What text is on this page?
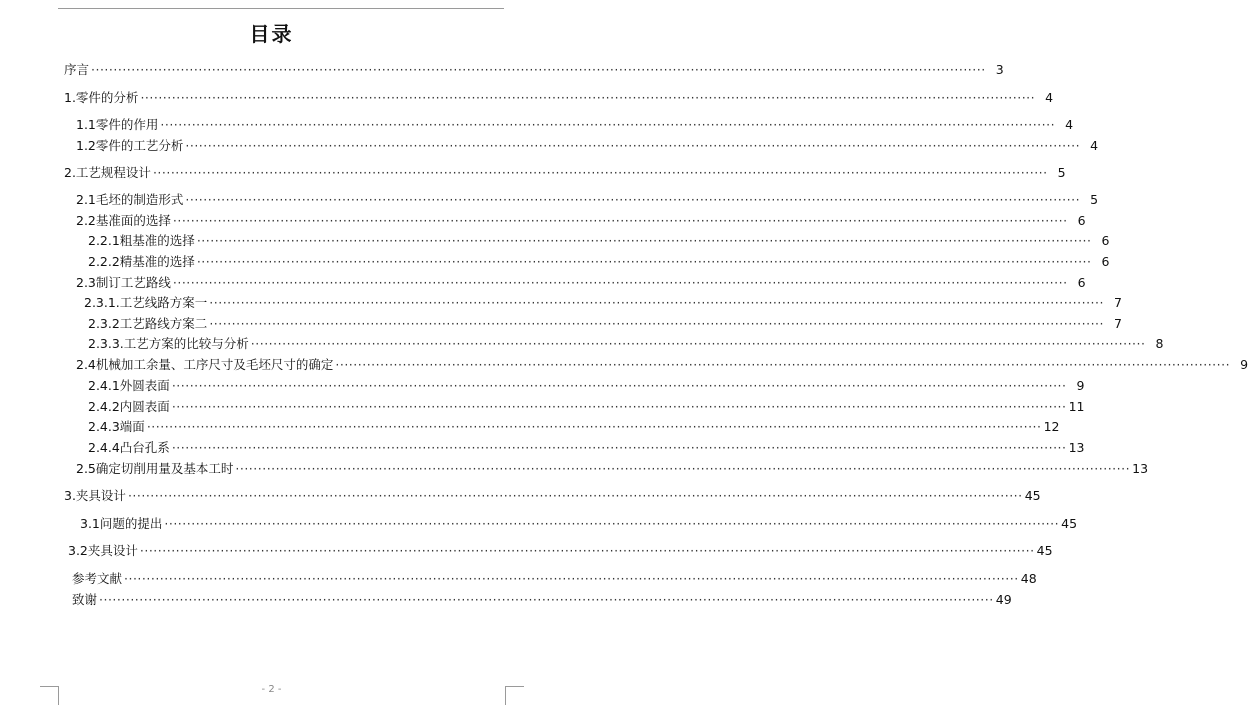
目录
序言 ········································································································································································································ 3
1.零件的分析 ········································································································································································································ 4
1.1零件的作用 ········································································································································································································ 4
1.2零件的工艺分析 ········································································································································································································ 4
2.工艺规程设计 ········································································································································································································ 5
2.1毛坯的制造形式 ········································································································································································································ 5
2.2基准面的选择 ········································································································································································································ 6
2.2.1粗基准的选择 ········································································································································································································ 6
2.2.2精基准的选择 ········································································································································································································ 6
2.3制订工艺路线 ········································································································································································································ 6
2.3.1.工艺线路方案一 ········································································································································································································ 7
2.3.2工艺路线方案二 ········································································································································································································ 7
2.3.3.工艺方案的比较与分析 ········································································································································································································ 8
2.4机械加工余量、工序尺寸及毛坯尺寸的确定 ········································································································································································································ 9
2.4.1外圆表面 ········································································································································································································ 9
2.4.2内圆表面 ········································································································································································································ 11
2.4.3端面 ········································································································································································································ 12
2.4.4凸台孔系 ········································································································································································································ 13
2.5确定切削用量及基本工时 ········································································································································································································ 13
3.夹具设计 ········································································································································································································ 45
3.1问题的提出 ········································································································································································································ 45
3.2夹具设计 ········································································································································································································ 45
参考文献 ········································································································································································································ 48
致谢 ········································································································································································································ 49
- 2 -
